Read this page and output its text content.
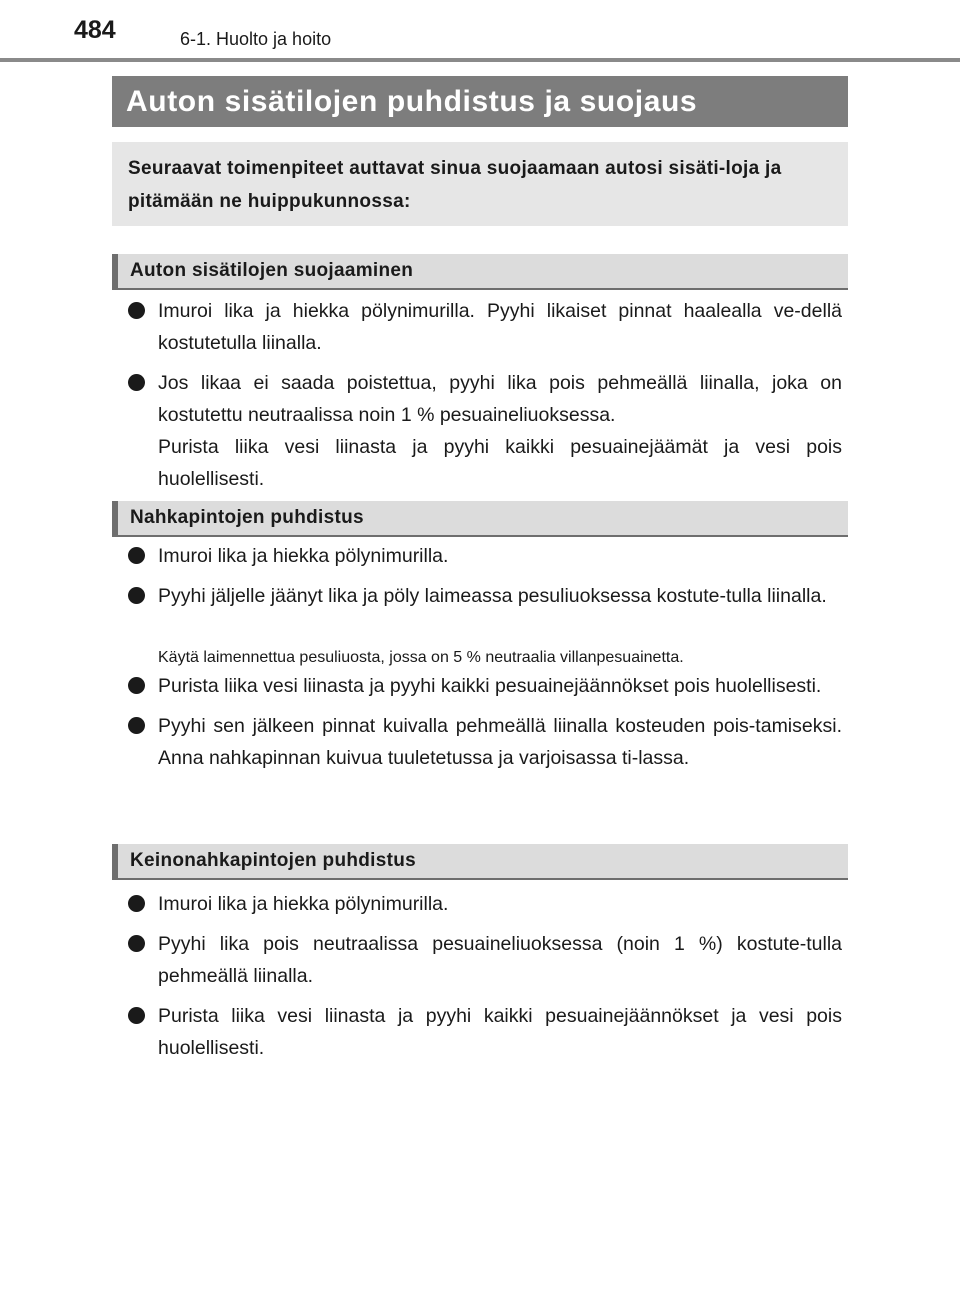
484	6-1. Huolto ja hoito
Auton sisätilojen puhdistus ja suojaus
Seuraavat toimenpiteet auttavat sinua suojaamaan autosi sisäti-loja ja pitämään ne huippukunnossa:
Auton sisätilojen suojaaminen
Imuroi lika ja hiekka pölynimurilla. Pyyhi likaiset pinnat haalealla ve-dellä kostutetulla liinalla.
Jos likaa ei saada poistettua, pyyhi lika pois pehmeällä liinalla, joka on kostutettu neutraalissa noin 1 % pesuaineliuoksessa.
Purista liika vesi liinasta ja pyyhi kaikki pesuainejäämät ja vesi pois huolellisesti.
Nahkapintojen puhdistus
Imuroi lika ja hiekka pölynimurilla.
Pyyhi jäljelle jäänyt lika ja pöly laimeassa pesuliuoksessa kostute-tulla liinalla.
Käytä laimennettua pesuliuosta, jossa on 5 % neutraalia villanpesuainetta.
Purista liika vesi liinasta ja pyyhi kaikki pesuainejäännökset pois huolellisesti.
Pyyhi sen jälkeen pinnat kuivalla pehmeällä liinalla kosteuden pois-tamiseksi. Anna nahkapinnan kuivua tuuletetussa ja varjoisassa ti-lassa.
Keinonahkapintojen puhdistus
Imuroi lika ja hiekka pölynimurilla.
Pyyhi lika pois neutraalissa pesuaineliuoksessa (noin 1 %) kostute-tulla pehmeällä liinalla.
Purista liika vesi liinasta ja pyyhi kaikki pesuainejäännökset ja vesi pois huolellisesti.
